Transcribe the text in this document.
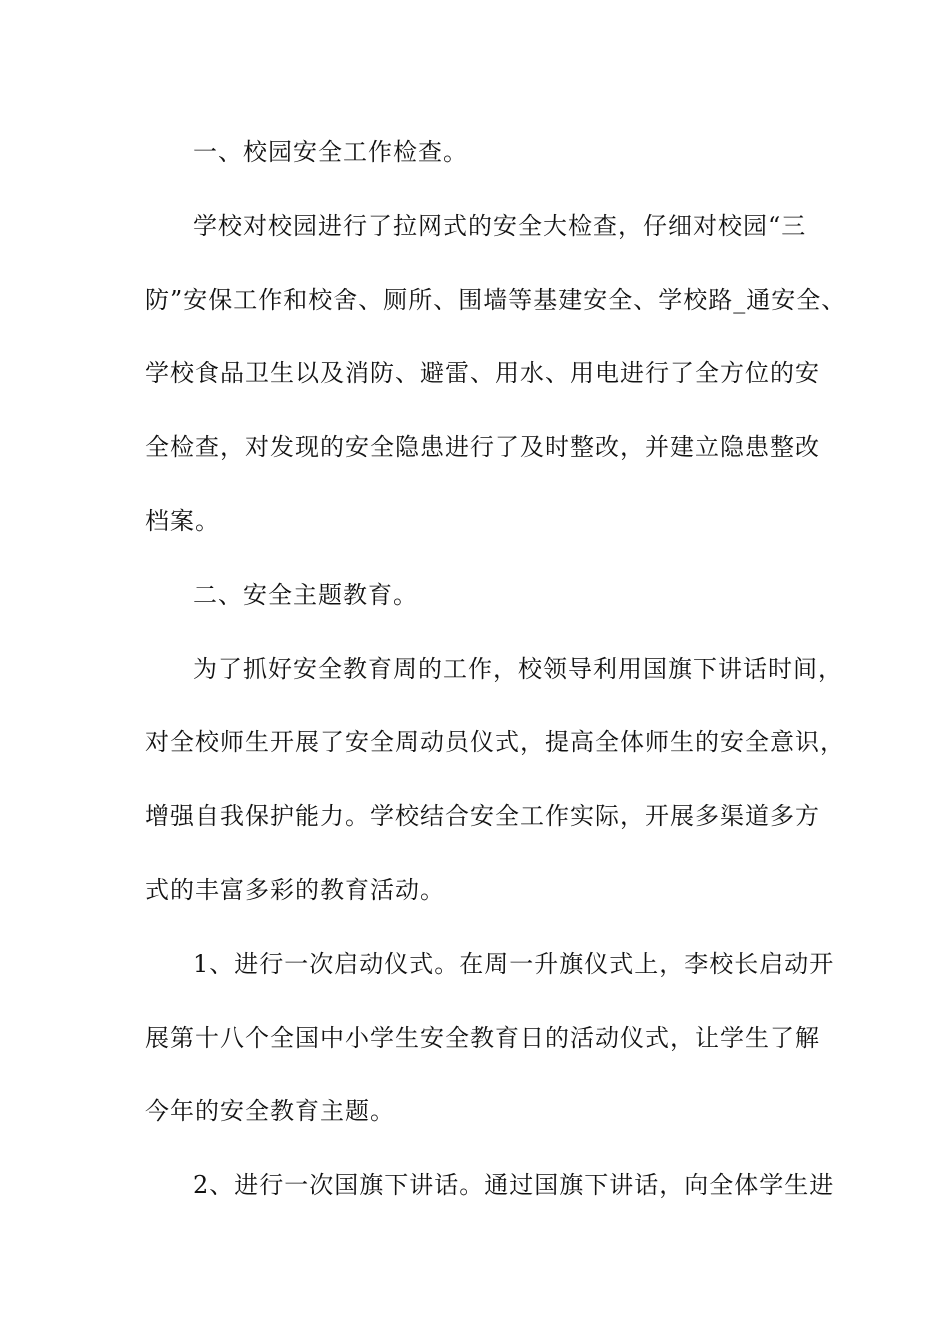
一、校园安全工作检查。
学校对校园进行了拉网式的安全大检查，仔细对校园“三
防”安保工作和校舍、厕所、围墙等基建安全、学校路_通安全、
学校食品卫生以及消防、避雷、用水、用电进行了全方位的安
全检查，对发现的安全隐患进行了及时整改，并建立隐患整改
档案。
二、安全主题教育。
为了抓好安全教育周的工作，校领导利用国旗下讲话时间，
对全校师生开展了安全周动员仪式，提高全体师生的安全意识，
增强自我保护能力。学校结合安全工作实际，开展多渠道多方
式的丰富多彩的教育活动。
1、进行一次启动仪式。在周一升旗仪式上，李校长启动开
展第十八个全国中小学生安全教育日的活动仪式，让学生了解
今年的安全教育主题。
2、进行一次国旗下讲话。通过国旗下讲话，向全体学生进
